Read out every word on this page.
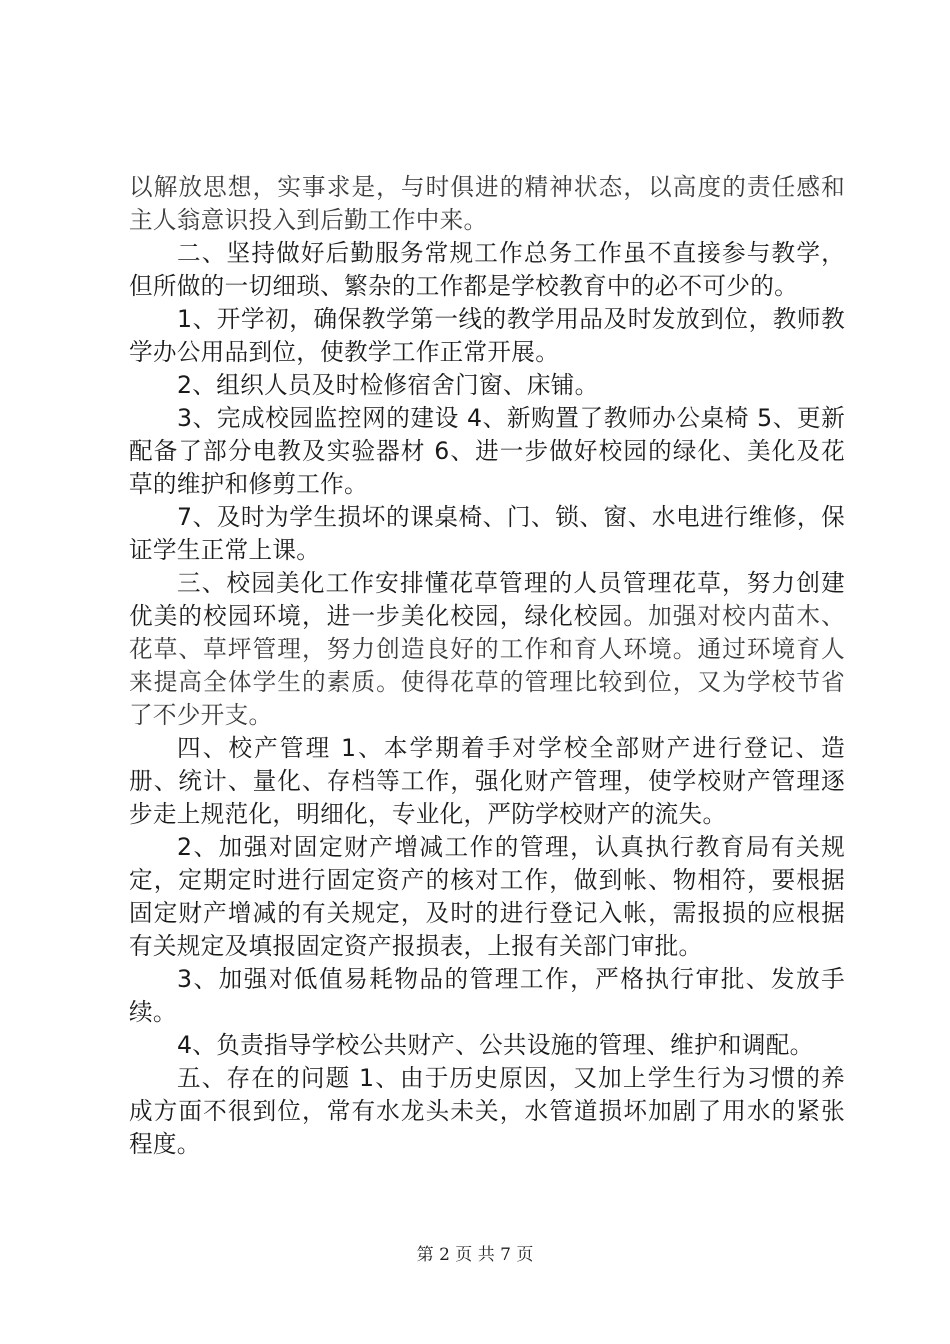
以解放思想，实事求是，与时俱进的精神状态，以高度的责任感和主人翁意识投入到后勤工作中来。

二、坚持做好后勤服务常规工作总务工作虽不直接参与教学，但所做的一切细琐、繁杂的工作都是学校教育中的必不可少的。

1、开学初，确保教学第一线的教学用品及时发放到位，教师教学办公用品到位，使教学工作正常开展。

2、组织人员及时检修宿舍门窗、床铺。

3、完成校园监控网的建设 4、新购置了教师办公桌椅 5、更新配备了部分电教及实验器材 6、进一步做好校园的绿化、美化及花草的维护和修剪工作。

7、及时为学生损坏的课桌椅、门、锁、窗、水电进行维修，保证学生正常上课。

三、校园美化工作安排懂花草管理的人员管理花草，努力创建优美的校园环境，进一步美化校园，绿化校园。加强对校内苗木、花草、草坪管理，努力创造良好的工作和育人环境。通过环境育人来提高全体学生的素质。使得花草的管理比较到位，又为学校节省了不少开支。

四、校产管理 1、本学期着手对学校全部财产进行登记、造册、统计、量化、存档等工作，强化财产管理，使学校财产管理逐步走上规范化，明细化，专业化，严防学校财产的流失。

2、加强对固定财产增减工作的管理，认真执行教育局有关规定，定期定时进行固定资产的核对工作，做到帐、物相符，要根据固定财产增减的有关规定，及时的进行登记入帐，需报损的应根据有关规定及填报固定资产报损表，上报有关部门审批。

3、加强对低值易耗物品的管理工作，严格执行审批、发放手续。

4、负责指导学校公共财产、公共设施的管理、维护和调配。

五、存在的问题 1、由于历史原因，又加上学生行为习惯的养成方面不很到位，常有水龙头未关，水管道损坏加剧了用水的紧张程度。

第 2 页 共 7 页
